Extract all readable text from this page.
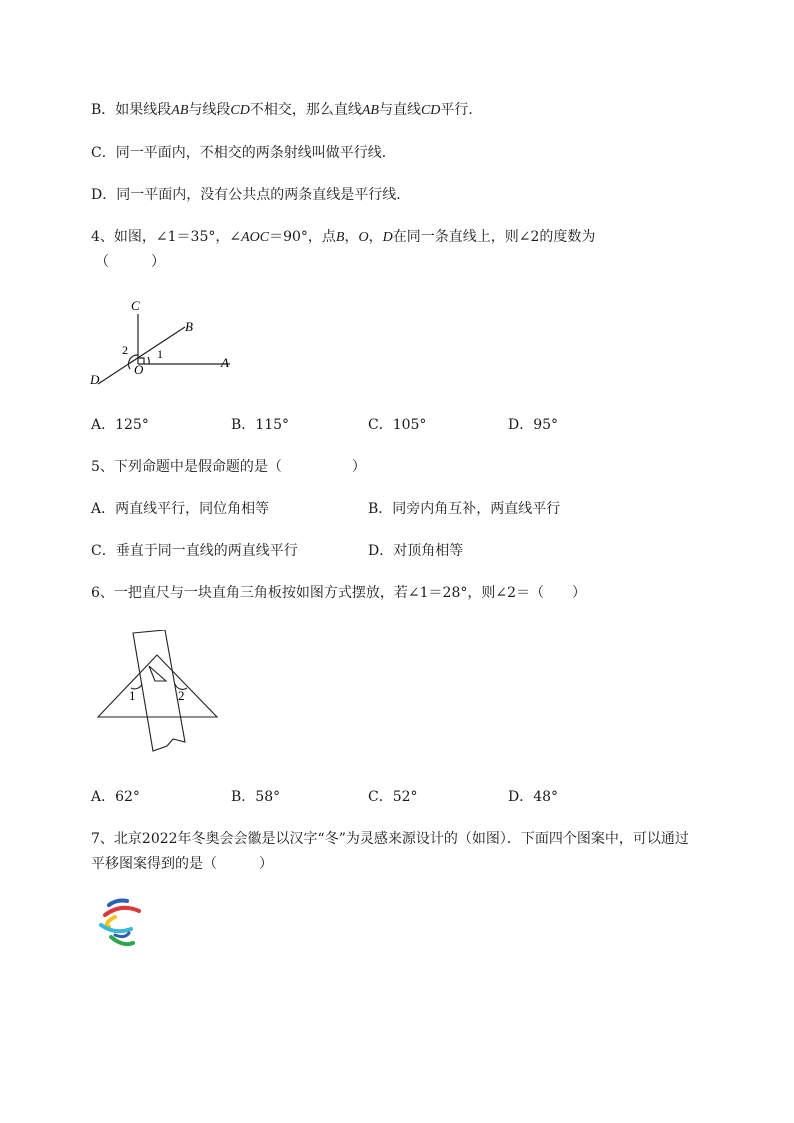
B．如果线段AB与线段CD不相交，那么直线AB与直线CD平行．
C．同一平面内，不相交的两条射线叫做平行线．
D．同一平面内，没有公共点的两条直线是平行线．
4、如图，∠1＝35°，∠AOC＝90°，点B，O，D在同一条直线上，则∠2的度数为
（　　　）
C
B
A
D
O
1
2
A．125°	B．115°	C．105°	D．95°
5、下列命题中是假命题的是（　　　　　）
A．两直线平行，同位角相等	B．同旁内角互补，两直线平行
C．垂直于同一直线的两直线平行	D．对顶角相等
6、一把直尺与一块直角三角板按如图方式摆放，若∠1＝28°，则∠2＝（　　）
1	2
A．62°	B．58°	C．52°	D．48°
7、北京2022年冬奥会会徽是以汉字“冬”为灵感来源设计的（如图）．下面四个图案中，可以通过
平移图案得到的是（　　　）
